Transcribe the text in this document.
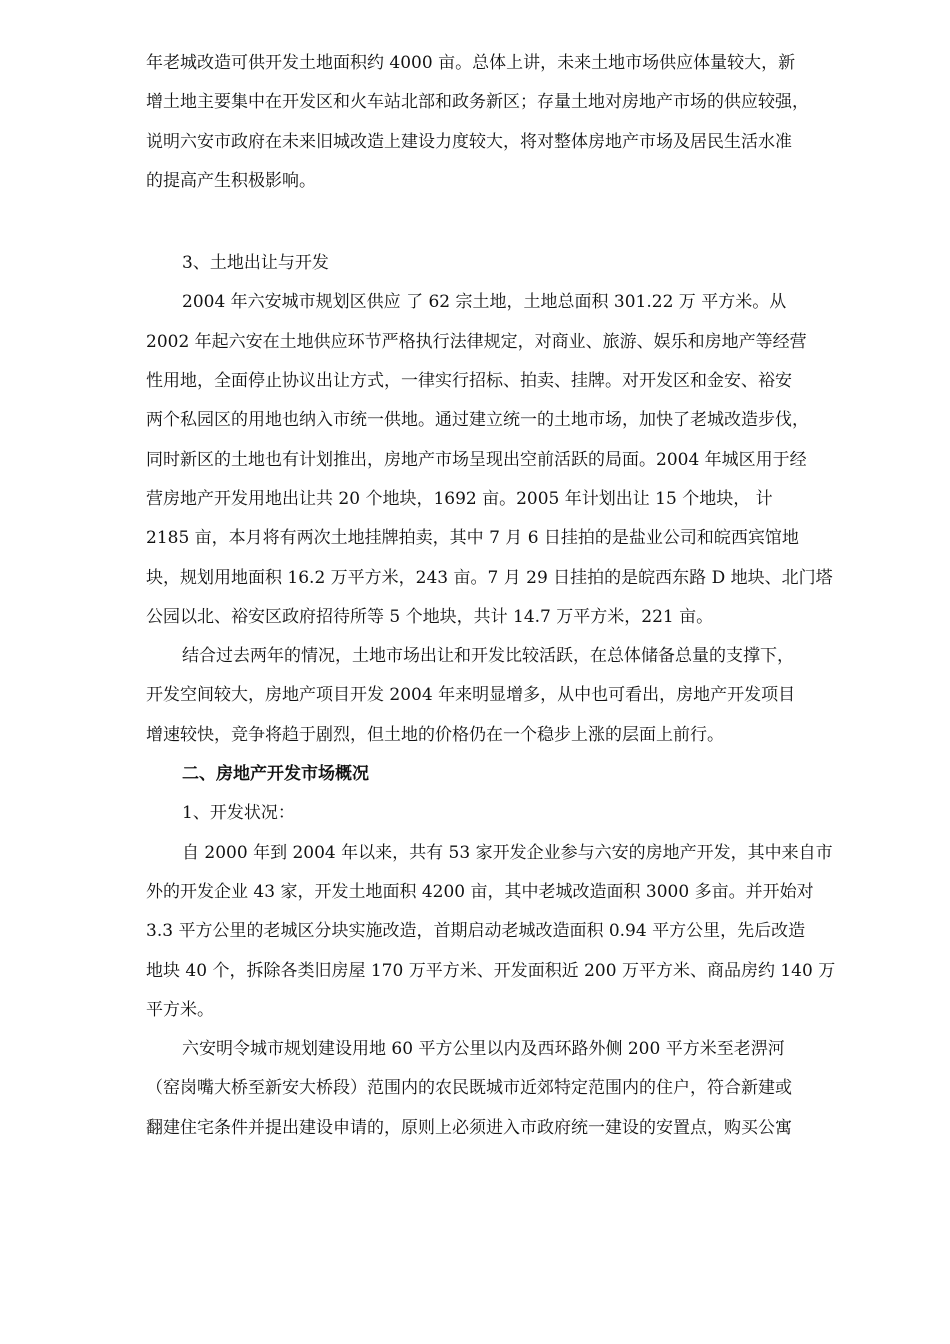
年老城改造可供开发土地面积约 4000 亩。总体上讲，未来土地市场供应体量较大，新
增土地主要集中在开发区和火车站北部和政务新区；存量土地对房地产市场的供应较强，
说明六安市政府在未来旧城改造上建设力度较大，将对整体房地产市场及居民生活水准
的提高产生积极影响。
3、土地出让与开发
2004 年六安城市规划区供应 了 62 宗土地，土地总面积 301.22 万 平方米。从
2002 年起六安在土地供应环节严格执行法律规定，对商业、旅游、娱乐和房地产等经营
性用地，全面停止协议出让方式，一律实行招标、拍卖、挂牌。对开发区和金安、裕安
两个私园区的用地也纳入市统一供地。通过建立统一的土地市场，加快了老城改造步伐，
同时新区的土地也有计划推出，房地产市场呈现出空前活跃的局面。2004 年城区用于经
营房地产开发用地出让共 20 个地块，1692 亩。2005 年计划出让 15 个地块， 计
2185 亩，本月将有两次土地挂牌拍卖，其中 7 月 6 日挂拍的是盐业公司和皖西宾馆地
块，规划用地面积 16.2 万平方米，243 亩。7 月 29 日挂拍的是皖西东路 D 地块、北门塔
公园以北、裕安区政府招待所等 5 个地块，共计 14.7 万平方米，221 亩。
结合过去两年的情况，土地市场出让和开发比较活跃，在总体储备总量的支撑下，
开发空间较大，房地产项目开发 2004 年来明显增多，从中也可看出，房地产开发项目
增速较快，竞争将趋于剧烈，但土地的价格仍在一个稳步上涨的层面上前行。
二、房地产开发市场概况
1、开发状况：
自 2000 年到 2004 年以来，共有 53 家开发企业参与六安的房地产开发，其中来自市
外的开发企业 43 家，开发土地面积 4200 亩，其中老城改造面积 3000 多亩。并开始对
3.3 平方公里的老城区分块实施改造，首期启动老城改造面积 0.94 平方公里，先后改造
地块 40 个，拆除各类旧房屋 170 万平方米、开发面积近 200 万平方米、商品房约 140 万
平方米。
六安明令城市规划建设用地 60 平方公里以内及西环路外侧 200 平方米至老淠河
（窑岗嘴大桥至新安大桥段）范围内的农民既城市近郊特定范围内的住户，符合新建或
翻建住宅条件并提出建设申请的，原则上必须进入市政府统一建设的安置点，购买公寓
